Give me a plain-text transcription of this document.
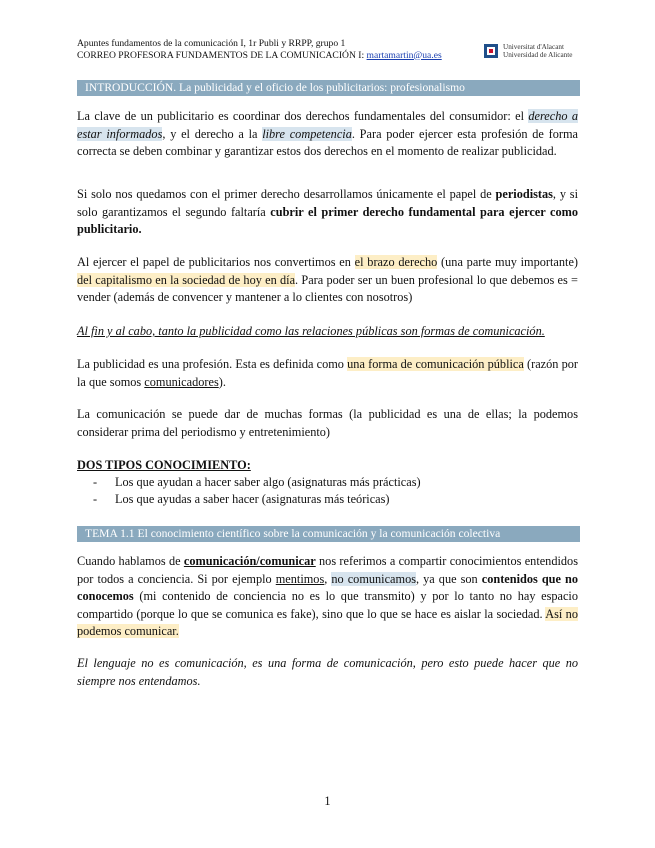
Apuntes fundamentos de la comunicación I, 1r Publi y RRPP, grupo 1
CORREO PROFESORA FUNDAMENTOS DE LA COMUNICACIÓN I: martamartin@ua.es
Universitat d'Alacant
Universidad de Alicante
INTRODUCCIÓN. La publicidad y el oficio de los publicitarios: profesionalismo
La clave de un publicitario es coordinar dos derechos fundamentales del consumidor: el derecho a estar informados, y el derecho a la libre competencia. Para poder ejercer esta profesión de forma correcta se deben combinar y garantizar estos dos derechos en el momento de realizar publicidad.
Si solo nos quedamos con el primer derecho desarrollamos únicamente el papel de periodistas, y si solo garantizamos el segundo faltaría cubrir el primer derecho fundamental para ejercer como publicitario.
Al ejercer el papel de publicitarios nos convertimos en el brazo derecho (una parte muy importante) del capitalismo en la sociedad de hoy en día. Para poder ser un buen profesional lo que debemos es = vender (además de convencer y mantener a lo clientes con nosotros)
Al fin y al cabo, tanto la publicidad como las relaciones públicas son formas de comunicación.
La publicidad es una profesión. Esta es definida como una forma de comunicación pública (razón por la que somos comunicadores).
La comunicación se puede dar de muchas formas (la publicidad es una de ellas; la podemos considerar prima del periodismo y entretenimiento)
DOS TIPOS CONOCIMIENTO:
- Los que ayudan a hacer saber algo (asignaturas más prácticas)
- Los que ayudas a saber hacer (asignaturas más teóricas)
TEMA 1.1 El conocimiento científico sobre la comunicación y la comunicación colectiva
Cuando hablamos de comunicación/comunicar nos referimos a compartir conocimientos entendidos por todos a conciencia. Si por ejemplo mentimos, no comunicamos, ya que son contenidos que no conocemos (mi contenido de conciencia no es lo que transmito) y por lo tanto no hay espacio compartido (porque lo que se comunica es fake), sino que lo que se hace es aislar la sociedad. Así no podemos comunicar.
El lenguaje no es comunicación, es una forma de comunicación, pero esto puede hacer que no siempre nos entendamos.
1
